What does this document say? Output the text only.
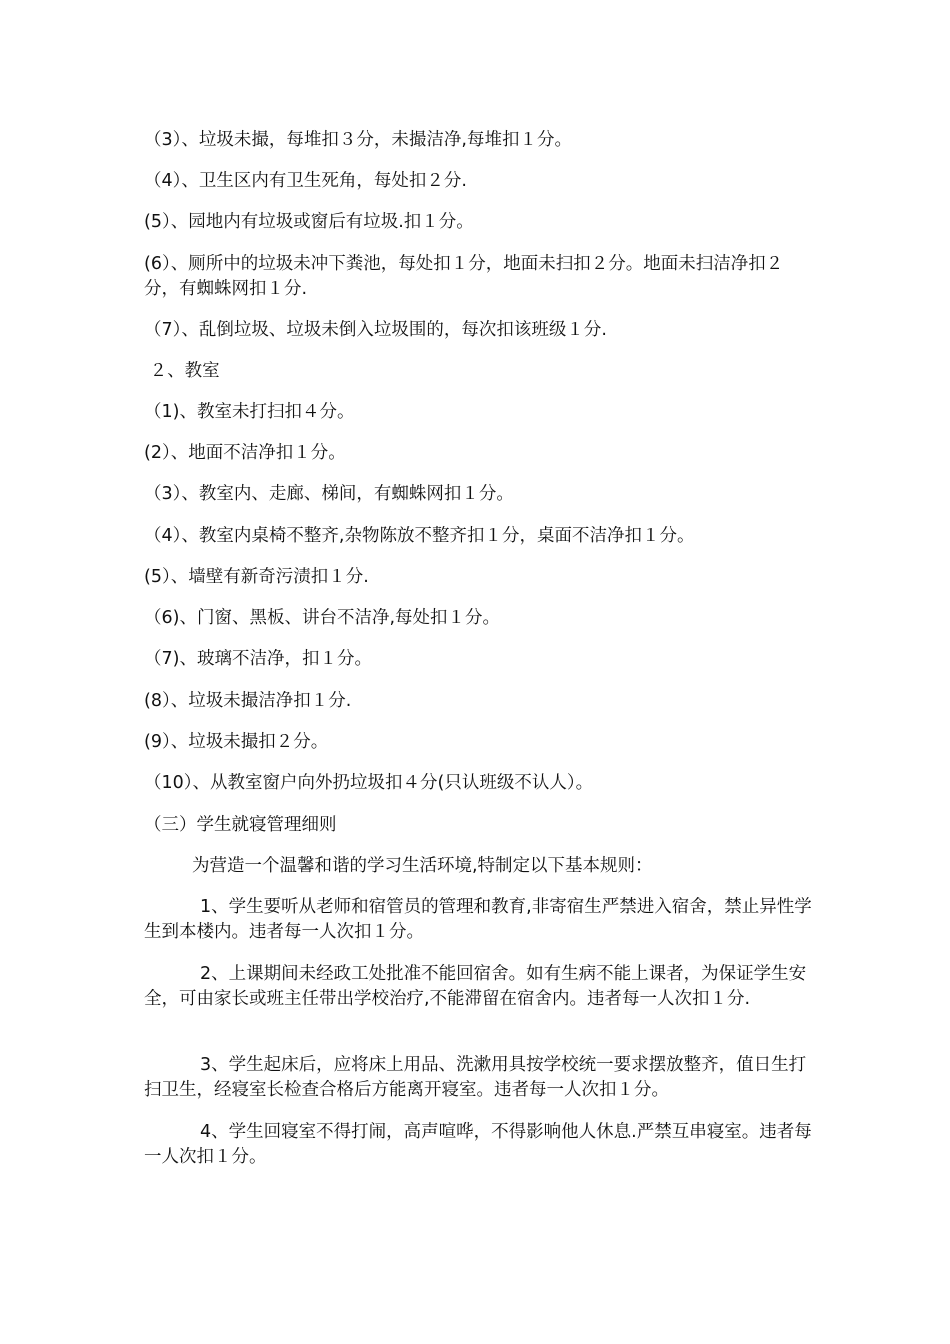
（3）、垃圾未撮，每堆扣３分，未撮洁净,每堆扣１分。

（4）、卫生区内有卫生死角，每处扣２分.

(5）、园地内有垃圾或窗后有垃圾.扣１分。

(6）、厕所中的垃圾未冲下粪池，每处扣１分，地面未扫扣２分。地面未扫洁净扣２分，有蜘蛛网扣１分.

（7）、乱倒垃圾、垃圾未倒入垃圾围的，每次扣该班级１分.

２、教室

（1)、教室未打扫扣４分。

(2）、地面不洁净扣１分。

（3）、教室内、走廊、梯间，有蜘蛛网扣１分。

（4）、教室内桌椅不整齐,杂物陈放不整齐扣１分，桌面不洁净扣１分。

(5）、墙壁有新奇污渍扣１分.

（6)、门窗、黑板、讲台不洁净,每处扣１分。

（7)、玻璃不洁净，扣１分。

(8）、垃圾未撮洁净扣１分.

(9）、垃圾未撮扣２分。

（10）、从教室窗户向外扔垃圾扣４分(只认班级不认人）。

（三）学生就寝管理细则

为营造一个温馨和谐的学习生活环境,特制定以下基本规则：

1、学生要听从老师和宿管员的管理和教育,非寄宿生严禁进入宿舍，禁止异性学生到本楼内。违者每一人次扣１分。

2、上课期间未经政工处批准不能回宿舍。如有生病不能上课者，为保证学生安全，可由家长或班主任带出学校治疗,不能滞留在宿舍内。违者每一人次扣１分.

3、学生起床后，应将床上用品、洗漱用具按学校统一要求摆放整齐，值日生打扫卫生，经寝室长检查合格后方能离开寝室。违者每一人次扣１分。

4、学生回寝室不得打闹，高声喧哗，不得影响他人休息.严禁互串寝室。违者每一人次扣１分。
